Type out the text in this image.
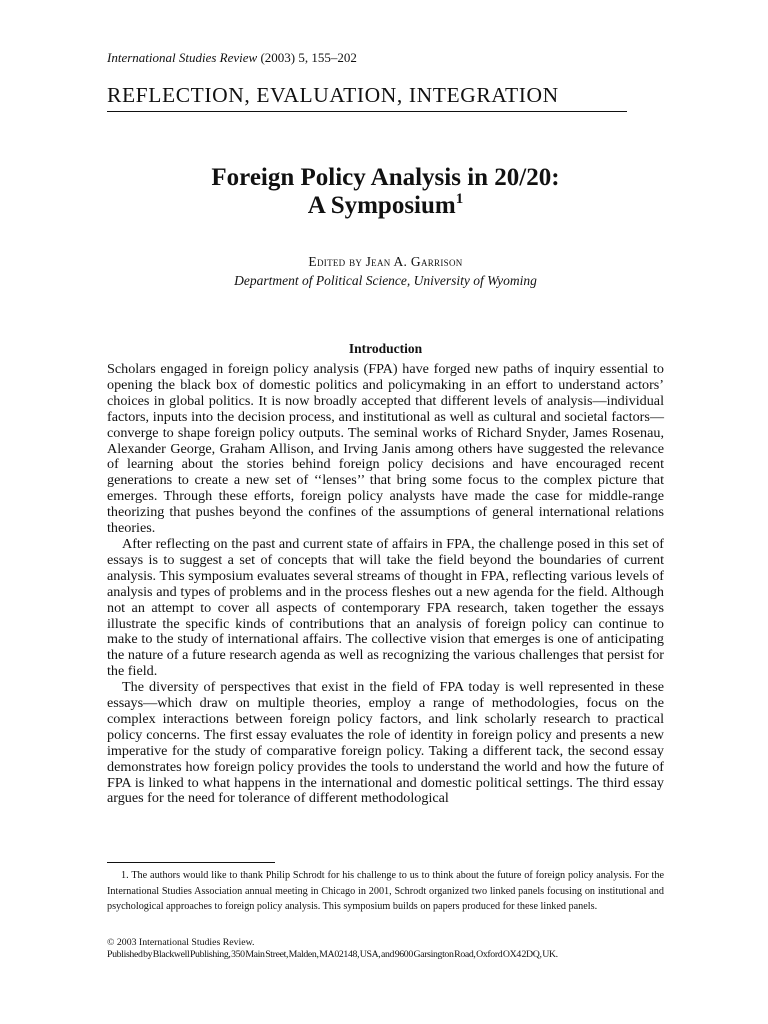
International Studies Review (2003) 5, 155–202
REFLECTION, EVALUATION, INTEGRATION
Foreign Policy Analysis in 20/20:
A Symposium$^1$
Edited by Jean A. Garrison
Department of Political Science, University of Wyoming
Introduction

Scholars engaged in foreign policy analysis (FPA) have forged new paths of inquiry essential to opening the black box of domestic politics and policymaking in an effort to understand actors’ choices in global politics. It is now broadly accepted that different levels of analysis—individual factors, inputs into the decision process, and institutional as well as cultural and societal factors—converge to shape foreign policy outputs. The seminal works of Richard Snyder, James Rosenau, Alexander George, Graham Allison, and Irving Janis among others have suggested the relevance of learning about the stories behind foreign policy decisions and have encouraged recent generations to create a new set of ‘‘lenses’’ that bring some focus to the complex picture that emerges. Through these efforts, foreign policy analysts have made the case for middle-range theorizing that pushes beyond the confines of the assumptions of general international relations theories.

After reflecting on the past and current state of affairs in FPA, the challenge posed in this set of essays is to suggest a set of concepts that will take the field beyond the boundaries of current analysis. This symposium evaluates several streams of thought in FPA, reflecting various levels of analysis and types of problems and in the process fleshes out a new agenda for the field. Although not an attempt to cover all aspects of contemporary FPA research, taken together the essays illustrate the specific kinds of contributions that an analysis of foreign policy can continue to make to the study of international affairs. The collective vision that emerges is one of anticipating the nature of a future research agenda as well as recognizing the various challenges that persist for the field.

The diversity of perspectives that exist in the field of FPA today is well represented in these essays—which draw on multiple theories, employ a range of methodologies, focus on the complex interactions between foreign policy factors, and link scholarly research to practical policy concerns. The first essay evaluates the role of identity in foreign policy and presents a new imperative for the study of comparative foreign policy. Taking a different tack, the second essay demonstrates how foreign policy provides the tools to understand the world and how the future of FPA is linked to what happens in the international and domestic political settings. The third essay argues for the need for tolerance of different methodological

1. The authors would like to thank Philip Schrodt for his challenge to us to think about the future of foreign policy analysis. For the International Studies Association annual meeting in Chicago in 2001, Schrodt organized two linked panels focusing on institutional and psychological approaches to foreign policy analysis. This symposium builds on papers produced for these linked panels.

© 2003 International Studies Review.

Published by Blackwell Publishing, 350 Main Street, Malden, MA 02148, USA, and 9600 Garsington Road, Oxford OX4 2DQ, UK.
